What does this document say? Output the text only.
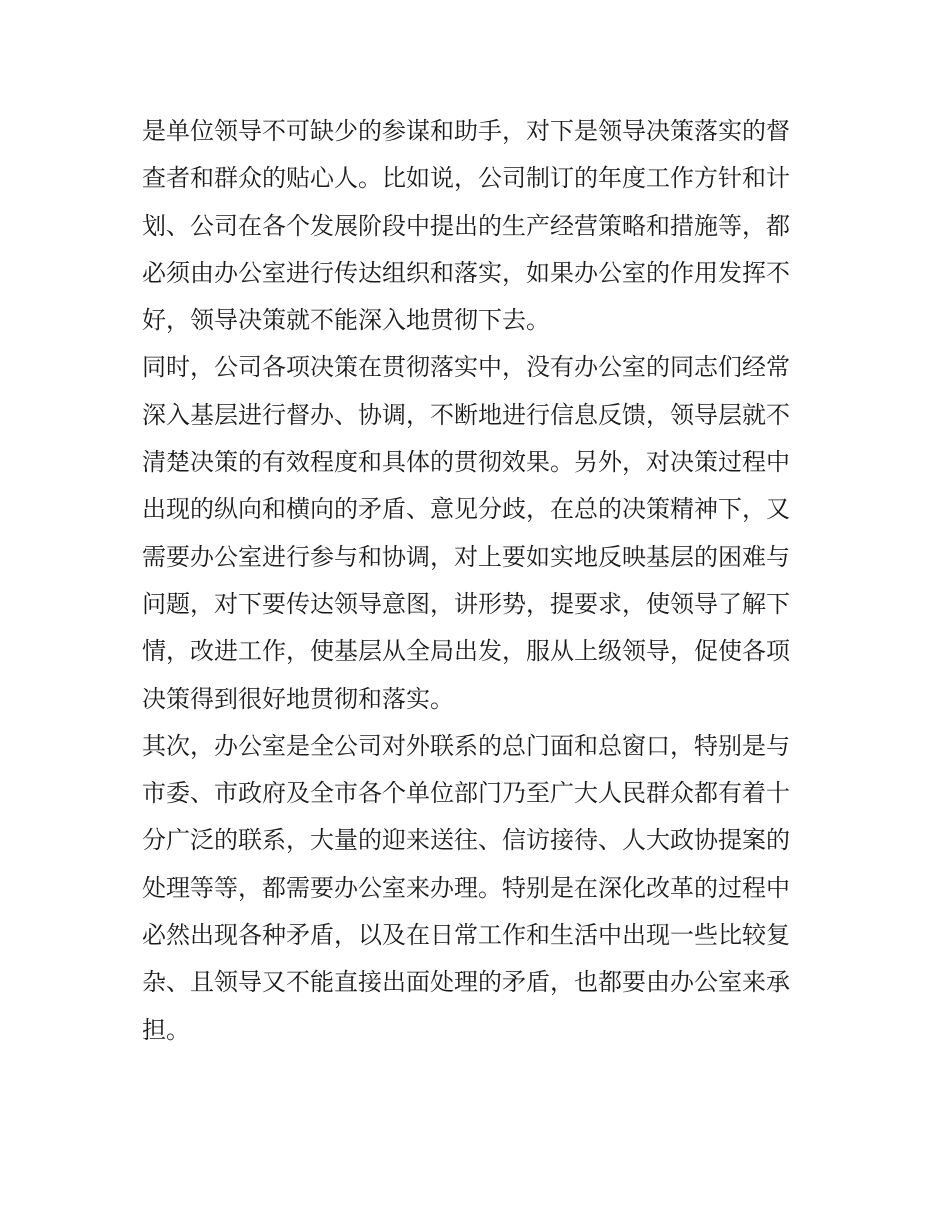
是单位领导不可缺少的参谋和助手，对下是领导决策落实的督
查者和群众的贴心人。比如说，公司制订的年度工作方针和计
划、公司在各个发展阶段中提出的生产经营策略和措施等，都
必须由办公室进行传达组织和落实，如果办公室的作用发挥不
好，领导决策就不能深入地贯彻下去。
同时，公司各项决策在贯彻落实中，没有办公室的同志们经常
深入基层进行督办、协调，不断地进行信息反馈，领导层就不
清楚决策的有效程度和具体的贯彻效果。另外，对决策过程中
出现的纵向和横向的矛盾、意见分歧，在总的决策精神下，又
需要办公室进行参与和协调，对上要如实地反映基层的困难与
问题，对下要传达领导意图，讲形势，提要求，使领导了解下
情，改进工作，使基层从全局出发，服从上级领导，促使各项
决策得到很好地贯彻和落实。
其次，办公室是全公司对外联系的总门面和总窗口，特别是与
市委、市政府及全市各个单位部门乃至广大人民群众都有着十
分广泛的联系，大量的迎来送往、信访接待、人大政协提案的
处理等等，都需要办公室来办理。特别是在深化改革的过程中
必然出现各种矛盾，以及在日常工作和生活中出现一些比较复
杂、且领导又不能直接出面处理的矛盾，也都要由办公室来承
担。
